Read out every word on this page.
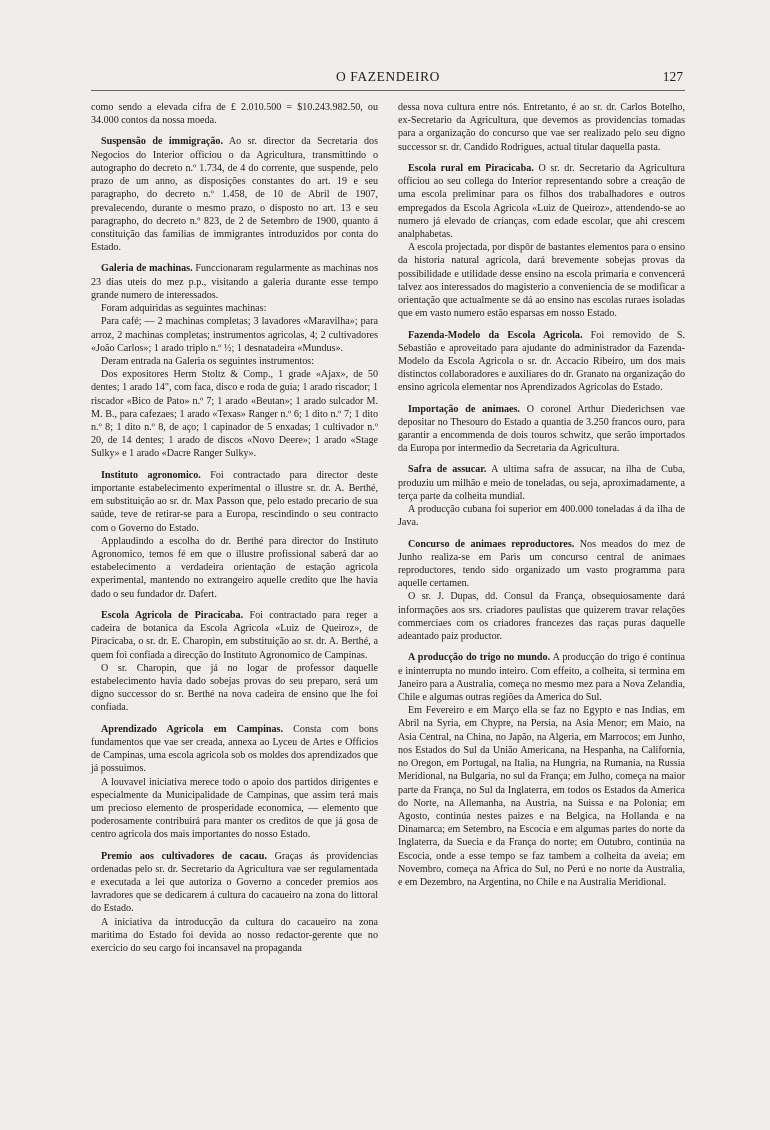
O FAZENDEIRO	127

como sendo a elevada cifra de £ 2.010.500 = $10.243.982.50, ou 34.000 contos da nossa moeda.

Suspensão de immigração. Ao sr. director da Secretaria dos Negocios do Interior officiou o da Agricultura, transmittindo o autographo do decreto n.º 1.734, de 4 do corrente, que suspende, pelo prazo de um anno, as disposições constantes do art. 19 e seu paragrapho, do decreto n.º 1.458, de 10 de Abril de 1907, prevalecendo, durante o mesmo prazo, o disposto no art. 13 e seu paragrapho, do decreto n.º 823, de 2 de Setembro de 1900, quanto á constituição das familias de immigrantes introduzidos por conta do Estado.

Galeria de machinas. Funccionaram regularmente as machinas nos 23 dias uteis do mez p.p., visitando a galeria durante esse tempo grande numero de interessados.

Foram adquiridas as seguintes machinas:

Para café; — 2 machinas completas; 3 lavadores «Maravilha»; para arroz, 2 machinas completas; instrumentos agricolas, 4; 2 cultivadores «João Carlos»; 1 arado triplo n.º ½; 1 desnatadeira «Mundus».

Deram entrada na Galeria os seguintes instrumentos:

Dos expositores Herm Stoltz & Comp., 1 grade «Ajax», de 50 dentes; 1 arado 14", com faca, disco e roda de guia; 1 arado riscador; 1 riscador «Bico de Pato» n.º 7; 1 arado «Beutan»; 1 arado sulcador M. M. B., para cafezaes; 1 arado «Texas» Ranger n.º 6; 1 dito n.º 7; 1 dito n.º 8; 1 dito n.º 8, de aço; 1 capinador de 5 enxadas; 1 cultivador n.º 20, de 14 dentes; 1 arado de discos «Novo Deere»; 1 arado «Stage Sulky» e 1 arado «Dacre Ranger Sulky».

Instituto agronomico. Foi contractado para director deste importante estabelecimento experimental o illustre sr. dr. A. Berthé, em substituição ao sr. dr. Max Passon que, pelo estado precario de sua saúde, teve de retirar-se para a Europa, rescindindo o seu contracto com o Governo do Estado.

Applaudindo a escolha do dr. Berthé para director do Instituto Agronomico, temos fé em que o illustre profissional saberá dar ao estabelecimento a verdadeira orientação de estação agricola experimental, mantendo no extrangeiro aquelle credito que lhe havia dado o seu fundador dr. Dafert.

Escola Agricola de Piracicaba. Foi contractado para reger a cadeira de botanica da Escola Agricola «Luiz de Queiroz», de Piracicaba, o sr. dr. E. Charopin, em substituição ao sr. dr. A. Berthé, a quem foi confiada a direcção do Instituto Agronomico de Campinas.

O sr. Charopin, que já no logar de professor daquelle estabelecimento havia dado sobejas provas do seu preparo, será um digno successor do sr. Berthé na nova cadeira de ensino que lhe foi confiada.

Aprendizado Agricola em Campinas. Consta com bons fundamentos que vae ser creada, annexa ao Lyceu de Artes e Officios de Campinas, uma escola agricola sob os moldes dos aprendizados que já possuimos.

A louvavel iniciativa merece todo o apoio dos partidos dirigentes e especialmente da Municipalidade de Campinas, que assim terá mais um precioso elemento de prosperidade economica, — elemento que poderosamente contribuirá para manter os creditos de que já gosa de centro agricola dos mais importantes do nosso Estado.

Premio aos cultivadores de cacau. Graças ás providencias ordenadas pelo sr. dr. Secretario da Agricultura vae ser regulamentada e executada a lei que autoriza o Governo a conceder premios aos lavradores que se dedicarem á cultura do cacaueiro na zona do littoral do Estado.

A iniciativa da introducção da cultura do cacaueiro na zona maritima do Estado foi devida ao nosso redactor-gerente que no exercicio do seu cargo foi incansavel na propaganda

dessa nova cultura entre nós. Entretanto, é ao sr. dr. Carlos Botelho, ex-Secretario da Agricultura, que devemos as providencias tomadas para a organização do concurso que vae ser realizado pelo seu digno successor sr. dr. Candido Rodrigues, actual titular daquella pasta.

Escola rural em Piracicaba. O sr. dr. Secretario da Agricultura officiou ao seu collega do Interior representando sobre a creação de uma escola preliminar para os filhos dos trabalhadores e outros empregados da Escola Agricola «Luiz de Queiroz», attendendo-se ao numero já elevado de crianças, com edade escolar, que ahi crescem analphabetas.

A escola projectada, por dispôr de bastantes elementos para o ensino da historia natural agricola, dará brevemente sobejas provas da possibilidade e utilidade desse ensino na escola primaria e convencerá talvez aos interessados do magisterio a conveniencia de se modificar a orientação que actualmente se dá ao ensino nas escolas ruraes isoladas que em vasto numero estão esparsas em nosso Estado.

Fazenda-Modelo da Escola Agricola. Foi removido de S. Sebastião e aproveitado para ajudante do administrador da Fazenda-Modelo da Escola Agricola o sr. dr. Accacio Ribeiro, um dos mais distinctos collaboradores e auxiliares do dr. Granato na organização do ensino agricola elementar nos Aprendizados Agricolas do Estado.

Importação de animaes. O coronel Arthur Diederichsen vae depositar no Thesouro do Estado a quantia de 3.250 francos ouro, para garantir a encommenda de dois touros schwitz, que serão importados da Europa por intermedio da Secretaria da Agricultura.

Safra de assucar. A ultima safra de assucar, na ilha de Cuba, produziu um milhão e meio de toneladas, ou seja, aproximadamente, a terça parte da colheita mundial.

A producção cubana foi superior em 400.000 toneladas á da ilha de Java.

Concurso de animaes reproductores. Nos meados do mez de Junho realiza-se em Paris um concurso central de animaes reproductores, tendo sido organizado um vasto programma para aquelle certamen.

O sr. J. Dupas, dd. Consul da França, obsequiosamente dará informações aos srs. criadores paulistas que quizerem travar relações commerciaes com os criadores francezes das raças puras daquelle adeantado paiz productor.

A producção do trigo no mundo. A producção do trigo é continua e ininterrupta no mundo inteiro. Com effeito, a colheita, si termina em Janeiro para a Australia, começa no mesmo mez para a Nova Zelandia, Chile e algumas outras regiões da America do Sul.

Em Fevereiro e em Março ella se faz no Egypto e nas Indias, em Abril na Syria, em Chypre, na Persia, na Asia Menor; em Maio, na Asia Central, na China, no Japão, na Algeria, em Marrocos; em Junho, nos Estados do Sul da União Americana, na Hespanha, na California, no Oregon, em Portugal, na Italia, na Hungria, na Rumania, na Russia Meridional, na Bulgaria, no sul da França; em Julho, começa na maior parte da França, no Sul da Inglaterra, em todos os Estados da America do Norte, na Allemanha, na Austria, na Suissa e na Polonia; em Agosto, continúa nestes paizes e na Belgica, na Hollanda e na Dinamarca; em Setembro, na Escocia e em algumas partes do norte da Inglaterra, da Suecia e da França do norte; em Outubro, continúa na Escocia, onde a esse tempo se faz tambem a colheita da aveia; em Novembro, começa na Africa do Sul, no Perú e no norte da Australia, e em Dezembro, na Argentina, no Chile e na Australia Meridional.
